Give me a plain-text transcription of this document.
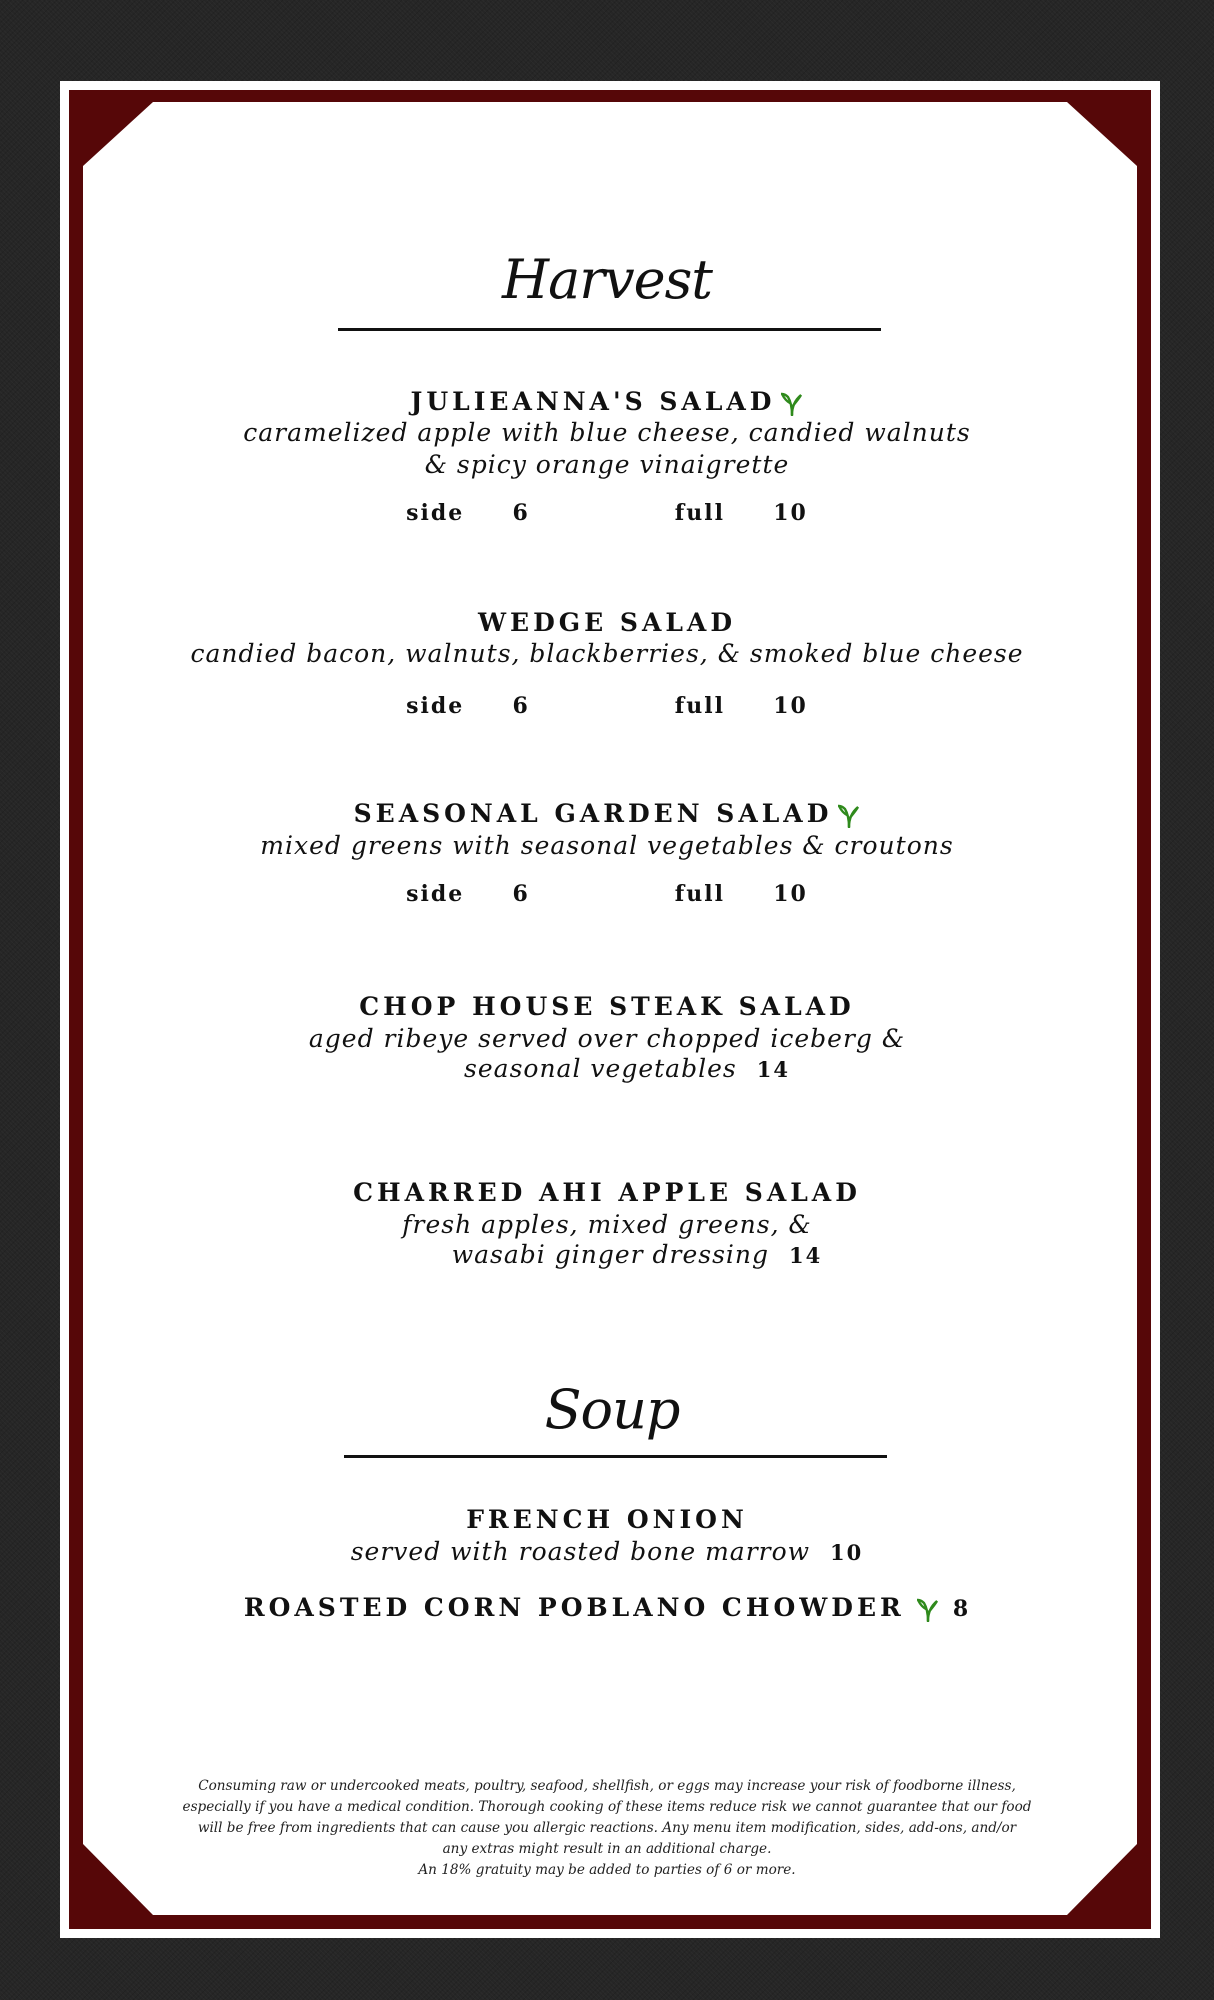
Harvest
JULIEANNA'S SALAD
caramelized apple with blue cheese, candied walnuts
& spicy orange vinaigrette
side     6               full     10
WEDGE SALAD
candied bacon, walnuts, blackberries, & smoked blue cheese
side     6               full     10
SEASONAL GARDEN SALAD
mixed greens with seasonal vegetables & croutons
side     6               full     10
CHOP HOUSE STEAK SALAD
aged ribeye served over chopped iceberg &
seasonal vegetables 14
CHARRED AHI APPLE SALAD
fresh apples, mixed greens, &
wasabi ginger dressing 14
Soup
FRENCH ONION
served with roasted bone marrow 10
ROASTED CORN POBLANO CHOWDER 8
Consuming raw or undercooked meats, poultry, seafood, shellfish, or eggs may increase your risk of foodborne illness,
especially if you have a medical condition. Thorough cooking of these items reduce risk we cannot guarantee that our food
will be free from ingredients that can cause you allergic reactions. Any menu item modification, sides, add-ons, and/or
any extras might result in an additional charge.
An 18% gratuity may be added to parties of 6 or more.
